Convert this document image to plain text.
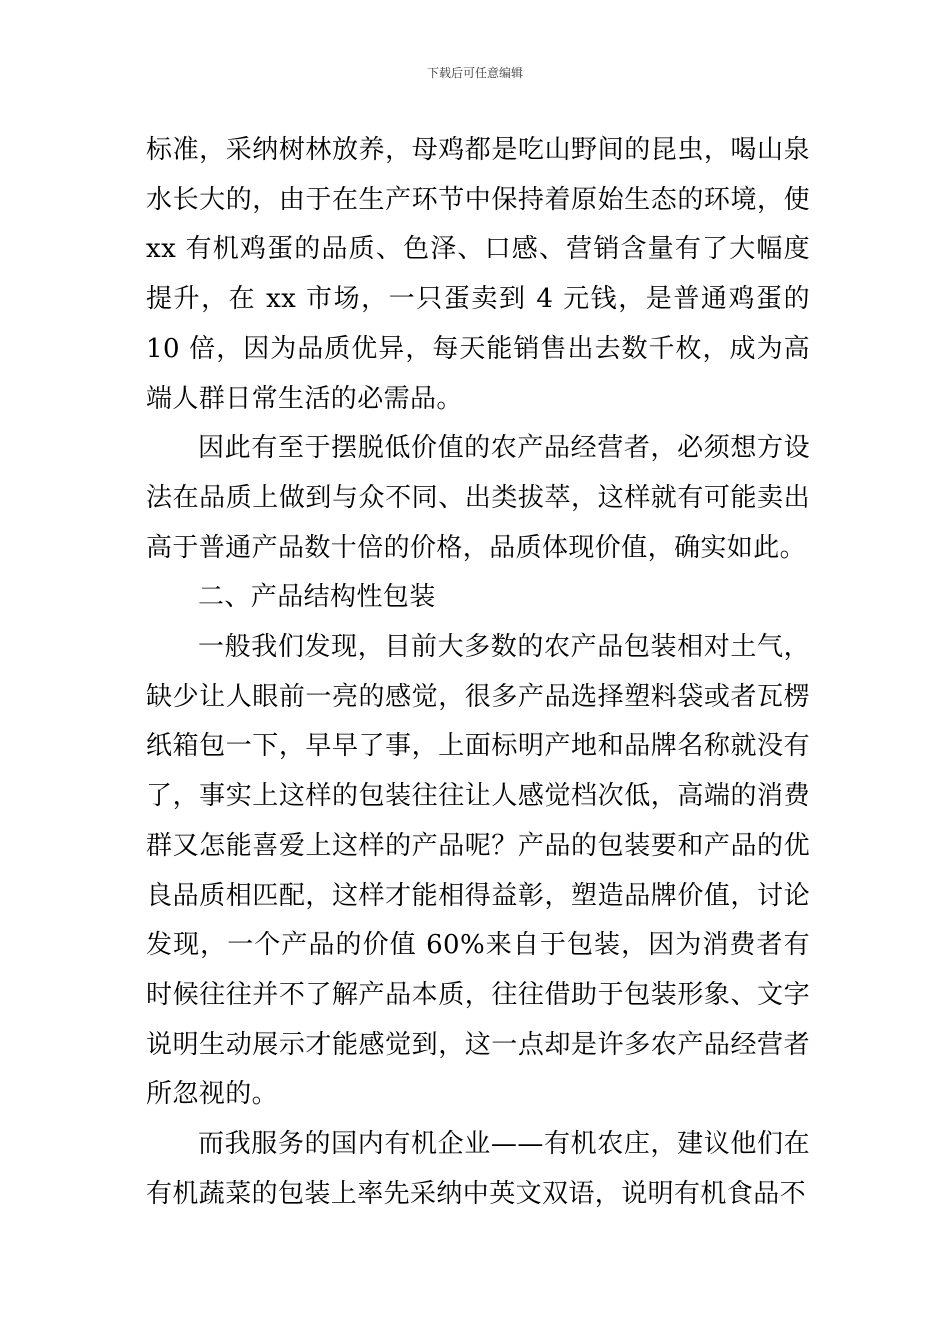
下载后可任意编辑

标准，采纳树林放养，母鸡都是吃山野间的昆虫，喝山泉水长大的，由于在生产环节中保持着原始生态的环境，使 xx 有机鸡蛋的品质、色泽、口感、营销含量有了大幅度提升，在 xx 市场，一只蛋卖到 4 元钱，是普通鸡蛋的 10 倍，因为品质优异，每天能销售出去数千枚，成为高端人群日常生活的必需品。

因此有至于摆脱低价值的农产品经营者，必须想方设法在品质上做到与众不同、出类拔萃，这样就有可能卖出高于普通产品数十倍的价格，品质体现价值，确实如此。

二、产品结构性包装

一般我们发现，目前大多数的农产品包装相对土气，缺少让人眼前一亮的感觉，很多产品选择塑料袋或者瓦楞纸箱包一下，早早了事，上面标明产地和品牌名称就没有了，事实上这样的包装往往让人感觉档次低，高端的消费群又怎能喜爱上这样的产品呢？产品的包装要和产品的优良品质相匹配，这样才能相得益彰，塑造品牌价值，讨论发现，一个产品的价值 60%来自于包装，因为消费者有时候往往并不了解产品本质，往往借助于包装形象、文字说明生动展示才能感觉到，这一点却是许多农产品经营者所忽视的。

而我服务的国内有机企业——有机农庄，建议他们在有机蔬菜的包装上率先采纳中英文双语，说明有机食品不
